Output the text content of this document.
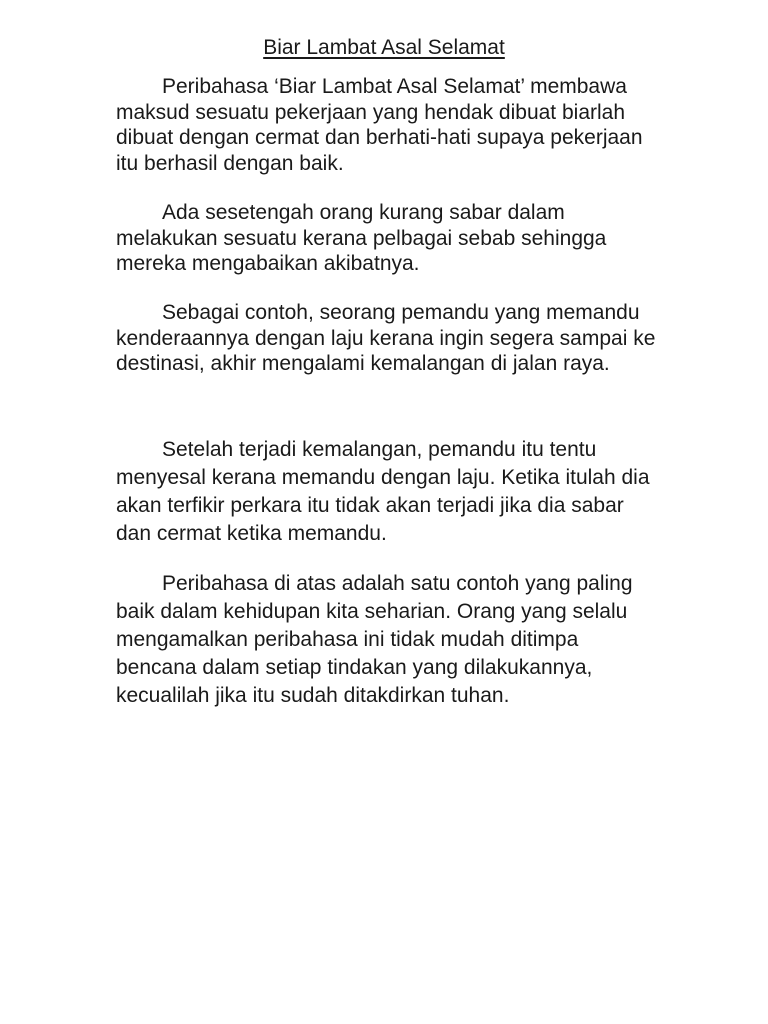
Biar Lambat Asal Selamat

Peribahasa ‘Biar Lambat Asal Selamat’ membawa maksud sesuatu pekerjaan yang hendak dibuat biarlah dibuat dengan cermat dan berhati-hati supaya pekerjaan itu berhasil dengan baik.

Ada sesetengah orang kurang sabar dalam melakukan sesuatu kerana pelbagai sebab sehingga mereka mengabaikan akibatnya.

Sebagai contoh, seorang pemandu yang memandu kenderaannya dengan laju kerana ingin segera sampai ke destinasi, akhir mengalami kemalangan di jalan raya.

Setelah terjadi kemalangan, pemandu itu tentu menyesal kerana memandu dengan laju. Ketika itulah dia akan terfikir perkara itu tidak akan terjadi jika dia sabar dan cermat ketika memandu.

Peribahasa di atas adalah satu contoh yang paling baik dalam kehidupan kita seharian. Orang yang selalu mengamalkan peribahasa ini tidak mudah ditimpa bencana dalam setiap tindakan yang dilakukannya, kecualilah jika itu sudah ditakdirkan tuhan.
